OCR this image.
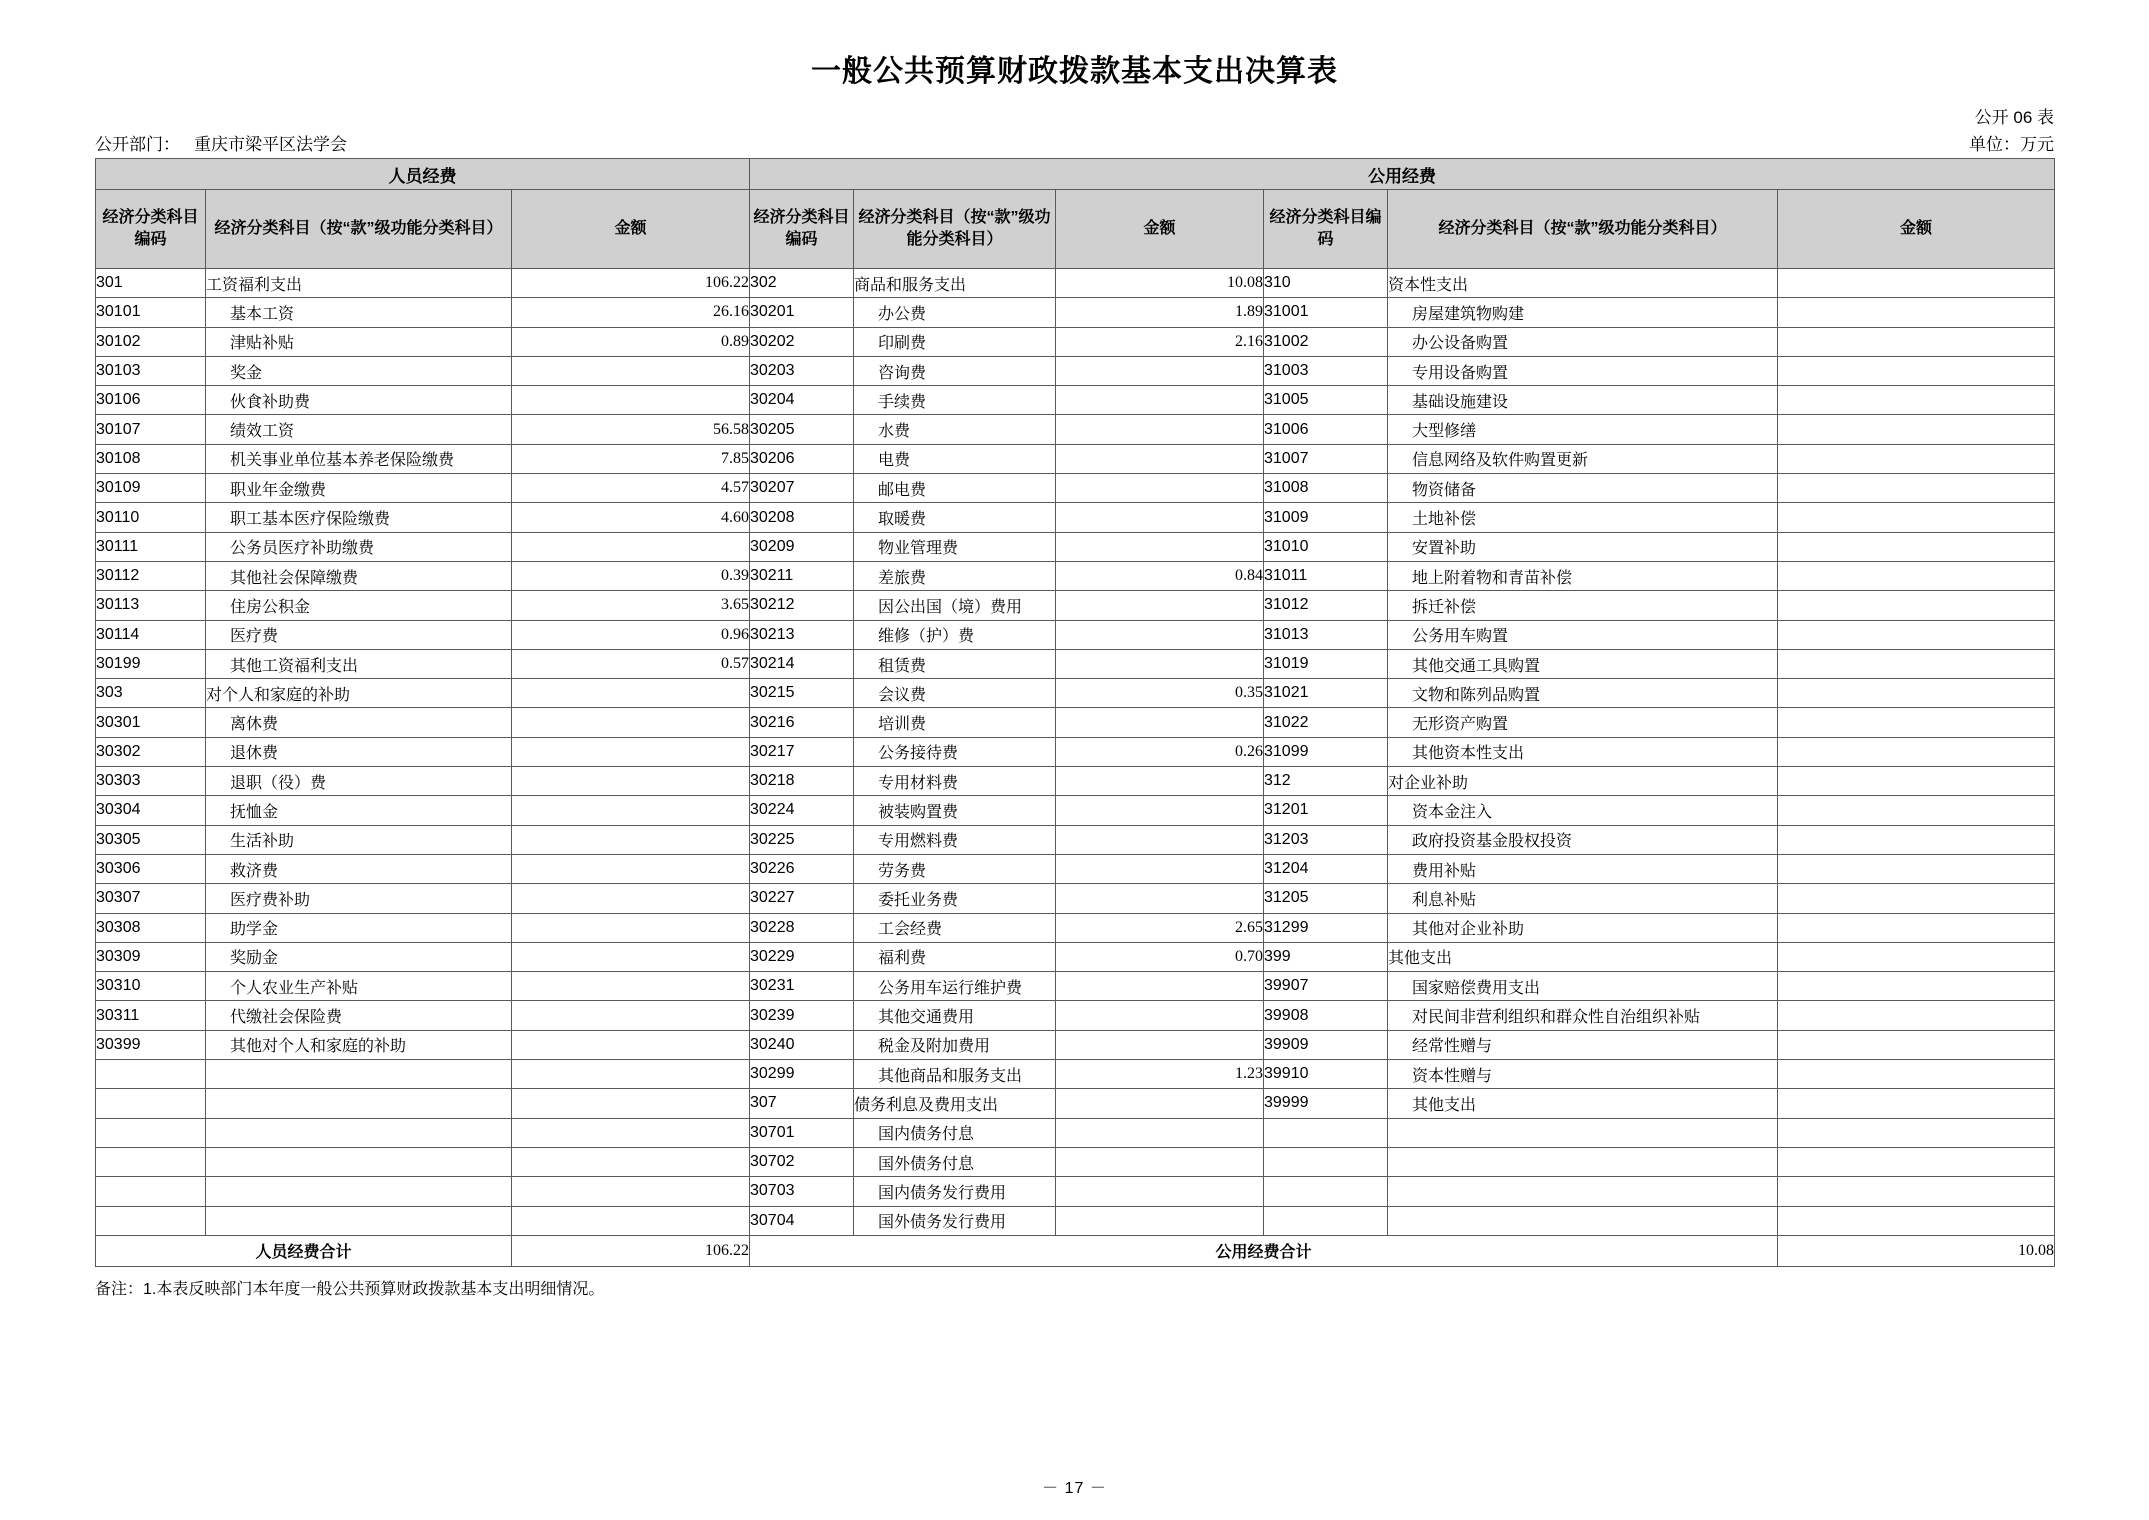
一般公共预算财政拨款基本支出决算表
公开 06 表
单位：万元
公开部门： 重庆市梁平区法学会
人员经费			公用经费					
经济分类科目编码	经济分类科目（按“款”级功能分类科目）	金额	经济分类科目编码	经济分类科目（按“款”级功能分类科目）	金额	经济分类科目编码	经济分类科目（按“款”级功能分类科目）	金额
301	工资福利支出	106.22	302	商品和服务支出	10.08	310	资本性支出	
30101	基本工资	26.16	30201	办公费	1.89	31001	房屋建筑物购建	
30102	津贴补贴	0.89	30202	印刷费	2.16	31002	办公设备购置	
30103	奖金		30203	咨询费		31003	专用设备购置	
30106	伙食补助费		30204	手续费		31005	基础设施建设	
30107	绩效工资	56.58	30205	水费		31006	大型修缮	
30108	机关事业单位基本养老保险缴费	7.85	30206	电费		31007	信息网络及软件购置更新	
30109	职业年金缴费	4.57	30207	邮电费		31008	物资储备	
30110	职工基本医疗保险缴费	4.60	30208	取暖费		31009	土地补偿	
30111	公务员医疗补助缴费		30209	物业管理费		31010	安置补助	
30112	其他社会保障缴费	0.39	30211	差旅费	0.84	31011	地上附着物和青苗补偿	
30113	住房公积金	3.65	30212	因公出国（境）费用		31012	拆迁补偿	
30114	医疗费	0.96	30213	维修（护）费		31013	公务用车购置	
30199	其他工资福利支出	0.57	30214	租赁费		31019	其他交通工具购置	
303	对个人和家庭的补助		30215	会议费	0.35	31021	文物和陈列品购置	
30301	离休费		30216	培训费		31022	无形资产购置	
30302	退休费		30217	公务接待费	0.26	31099	其他资本性支出	
30303	退职（役）费		30218	专用材料费		312	对企业补助	
30304	抚恤金		30224	被装购置费		31201	资本金注入	
30305	生活补助		30225	专用燃料费		31203	政府投资基金股权投资	
30306	救济费		30226	劳务费		31204	费用补贴	
30307	医疗费补助		30227	委托业务费		31205	利息补贴	
30308	助学金		30228	工会经费	2.65	31299	其他对企业补助	
30309	奖励金		30229	福利费	0.70	399	其他支出	
30310	个人农业生产补贴		30231	公务用车运行维护费		39907	国家赔偿费用支出	
30311	代缴社会保险费		30239	其他交通费用		39908	对民间非营利组织和群众性自治组织补贴	
30399	其他对个人和家庭的补助		30240	税金及附加费用		39909	经常性赠与	
			30299	其他商品和服务支出	1.23	39910	资本性赠与	
			307	债务利息及费用支出		39999	其他支出	
			30701	国内债务付息				
			30702	国外债务付息				
			30703	国内债务发行费用				
			30704	国外债务发行费用				
人员经费合计		106.22	公用经费合计					10.08
备注：1.本表反映部门本年度一般公共预算财政拨款基本支出明细情况。
－ 17 －
